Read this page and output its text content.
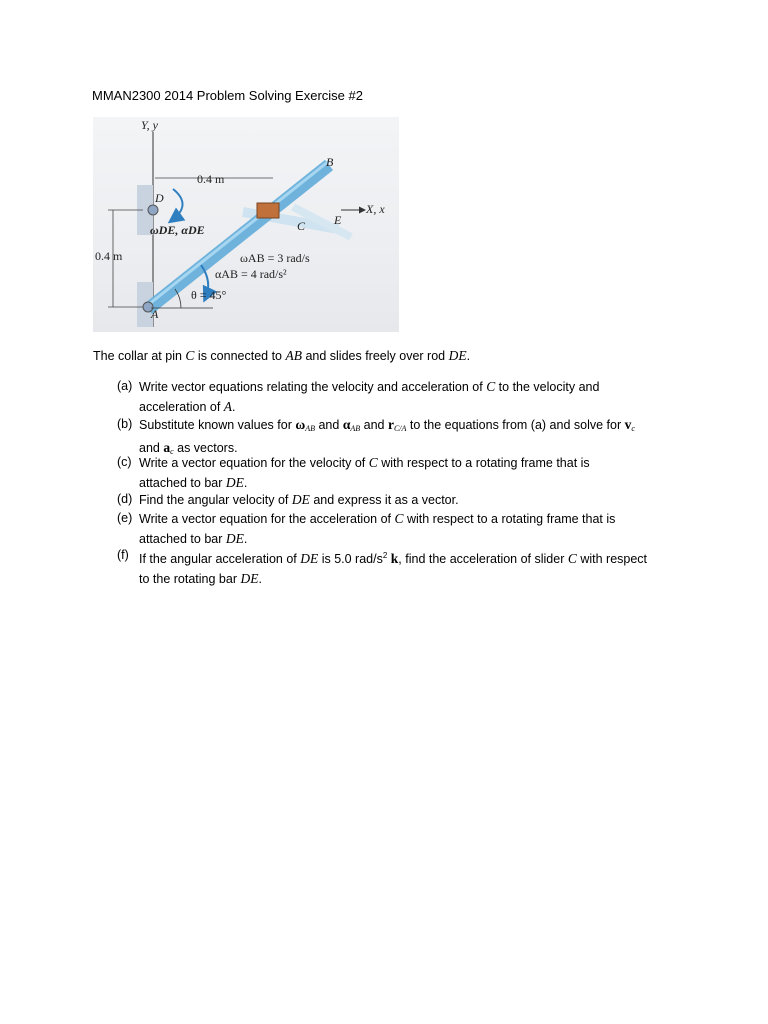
MMAN2300 2014 Problem Solving Exercise #2
Y, y
0.4 m
B
D
X, x
E
C
ωDE, αDE
0.4 m	ωAB = 3 rad/s
αAB = 4 rad/s²
θ = 45°
A
The collar at pin C is connected to AB and slides freely over rod DE.
(a) Write vector equations relating the velocity and acceleration of C to the velocity and
acceleration of A.
(b) Substitute known values for $\omega_{AB}$ and $\alpha_{AB}$ and $r_{C/A}$ to the equations from (a) and solve for $v_c$
and $a_c$ as vectors.
(c) Write a vector equation for the velocity of C with respect to a rotating frame that is
attached to bar DE.
(d) Find the angular velocity of DE and express it as a vector.
(e) Write a vector equation for the acceleration of C with respect to a rotating frame that is
attached to bar DE.
(f) If the angular acceleration of DE is 5.0 rad/$s^2$ k, find the acceleration of slider C with respect
to the rotating bar DE.
